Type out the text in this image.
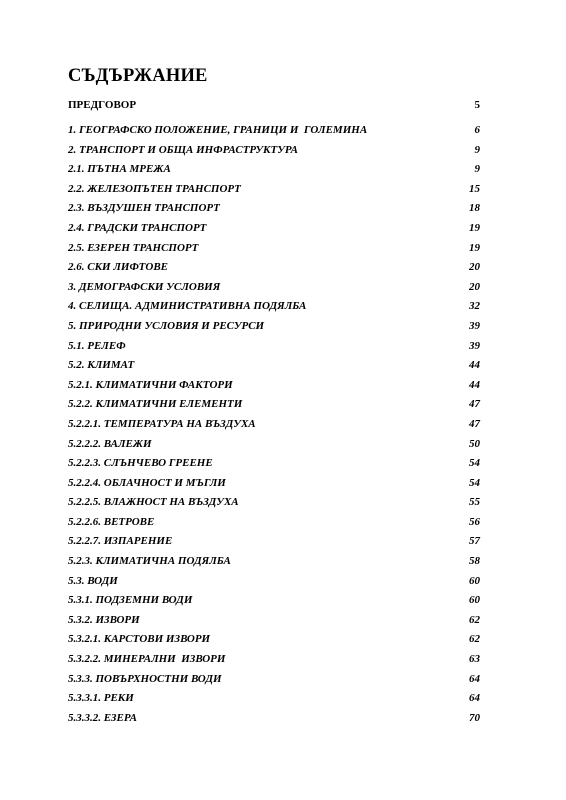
СЪДЪРЖАНИЕ
ПРЕДГОВОР	5
1. ГЕОГРАФСКО ПОЛОЖЕНИЕ, ГРАНИЦИ И  ГОЛЕМИНА	6
2. ТРАНСПОРТ И ОБЩА ИНФРАСТРУКТУРА	9
2.1. ПЪТНА МРЕЖА	9
2.2. ЖЕЛЕЗОПЪТЕН ТРАНСПОРТ	15
2.3. ВЪЗДУШЕН ТРАНСПОРТ	18
2.4. ГРАДСКИ ТРАНСПОРТ	19
2.5. ЕЗЕРЕН ТРАНСПОРТ	19
2.6. СКИ ЛИФТОВЕ	20
3. ДЕМОГРАФСКИ УСЛОВИЯ	20
4. СЕЛИЩА. АДМИНИСТРАТИВНА ПОДЯЛБА	32
5. ПРИРОДНИ УСЛОВИЯ И РЕСУРСИ	39
5.1. РЕЛЕФ	39
5.2. КЛИМАТ	44
5.2.1. КЛИМАТИЧНИ ФАКТОРИ	44
5.2.2. КЛИМАТИЧНИ ЕЛЕМЕНТИ	47
5.2.2.1. ТЕМПЕРАТУРА НА ВЪЗДУХА	47
5.2.2.2. ВАЛЕЖИ	50
5.2.2.3. СЛЪНЧЕВО ГРЕЕНЕ	54
5.2.2.4. ОБЛАЧНОСТ И МЪГЛИ	54
5.2.2.5. ВЛАЖНОСТ НА ВЪЗДУХА	55
5.2.2.6. ВЕТРОВЕ	56
5.2.2.7. ИЗПАРЕНИЕ	57
5.2.3. КЛИМАТИЧНА ПОДЯЛБА	58
5.3. ВОДИ	60
5.3.1. ПОДЗЕМНИ ВОДИ	60
5.3.2. ИЗВОРИ	62
5.3.2.1. КАРСТОВИ ИЗВОРИ	62
5.3.2.2. МИНЕРАЛНИ  ИЗВОРИ	63
5.3.3. ПОВЪРХНОСТНИ ВОДИ	64
5.3.3.1. РЕКИ	64
5.3.3.2. ЕЗЕРА	70
